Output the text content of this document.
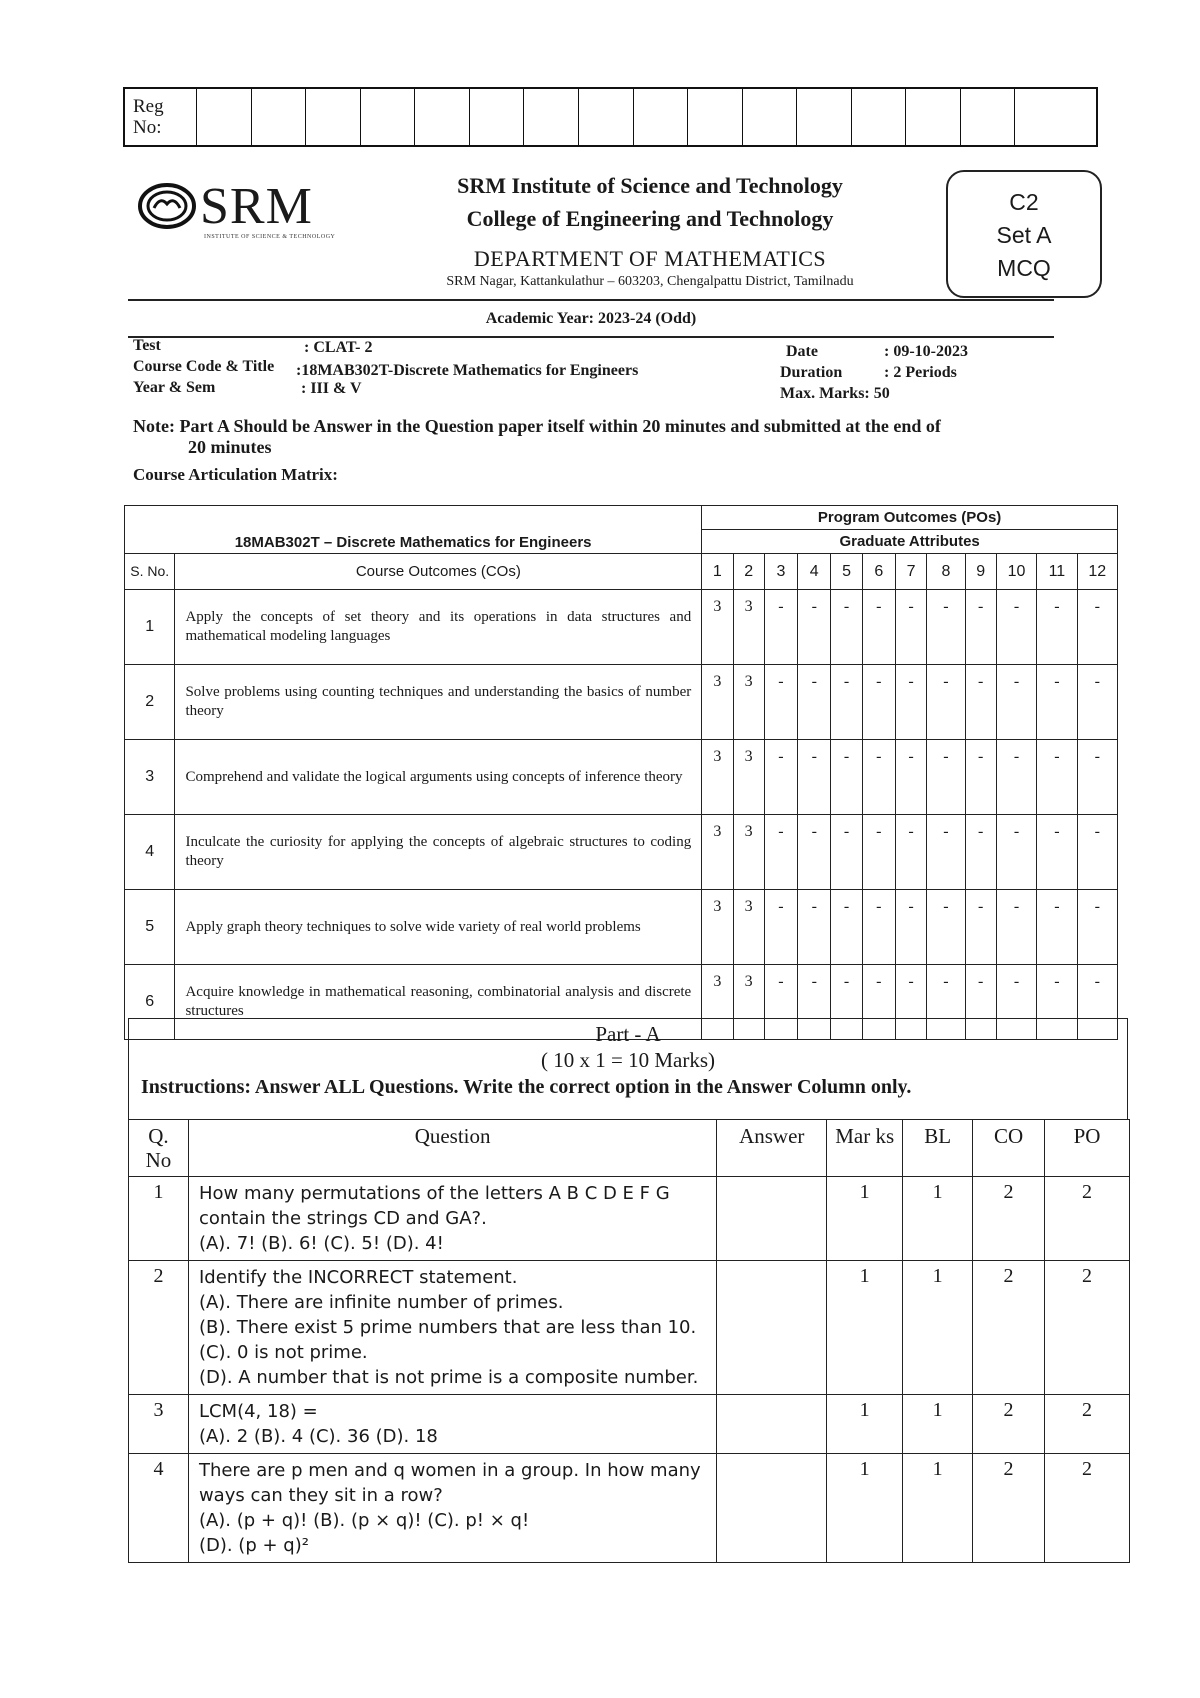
Reg
No:																
SRM
INSTITUTE OF SCIENCE & TECHNOLOGY
SRM Institute of Science and Technology
College of Engineering and Technology
DEPARTMENT OF MATHEMATICS
SRM Nagar, Kattankulathur – 603203, Chengalpattu District, Tamilnadu
C2
Set A
MCQ
Academic Year: 2023-24 (Odd)
Test	: CLAT- 2
Course Code & Title :18MAB302T-Discrete Mathematics for Engineers
Year & Sem	: III & V
Date	: 09-10-2023
Duration	: 2 Periods
Max. Marks: 50
Note: Part A Should be Answer in the Question paper itself within 20 minutes and submitted at the end of
20 minutes
Course Articulation Matrix:
18MAB302T – Discrete Mathematics for Engineers		Program Outcomes (POs)											
		Graduate Attributes											
S. No.	Course Outcomes (COs)	1	2	3	4	5	6	7	8	9	10	11	12
1	Apply the concepts of set theory and its operations in data structures and mathematical modeling languages	3	3	-	-	-	-	-	-	-	-	-	-
2	Solve problems using counting techniques and understanding the basics of number theory	3	3	-	-	-	-	-	-	-	-	-	-
3	Comprehend and validate the logical arguments using concepts of inference theory	3	3	-	-	-	-	-	-	-	-	-	-
4	Inculcate the curiosity for applying the concepts of algebraic structures to coding theory	3	3	-	-	-	-	-	-	-	-	-	-
5	Apply graph theory techniques to solve wide variety of real world problems	3	3	-	-	-	-	-	-	-	-	-	-
6	Acquire knowledge in mathematical reasoning, combinatorial analysis and discrete structures	3	3	-	-	-	-	-	-	-	-	-	-
Part - A
( 10 x 1 = 10 Marks)
Instructions: Answer ALL Questions. Write the correct option in the Answer Column only.
Q. No	Question	Answer	Mar ks	BL	CO	PO
1	How many permutations of the letters A B C D E F G
contain the strings CD and GA?.
(A). 7! (B). 6! (C). 5! (D). 4!		1	1	2	2
2	Identify the INCORRECT statement.
(A). There are infinite number of primes.
(B). There exist 5 prime numbers that are less than 10.
(C). 0 is not prime.
(D). A number that is not prime is a composite number.		1	1	2	2
3	LCM(4, 18) =
(A). 2 (B). 4 (C). 36 (D). 18		1	1	2	2
4	There are p men and q women in a group. In how many
ways can they sit in a row?
(A). (p + q)! (B). (p × q)! (C). p! × q!
(D). (p + q)²		1	1	2	2
